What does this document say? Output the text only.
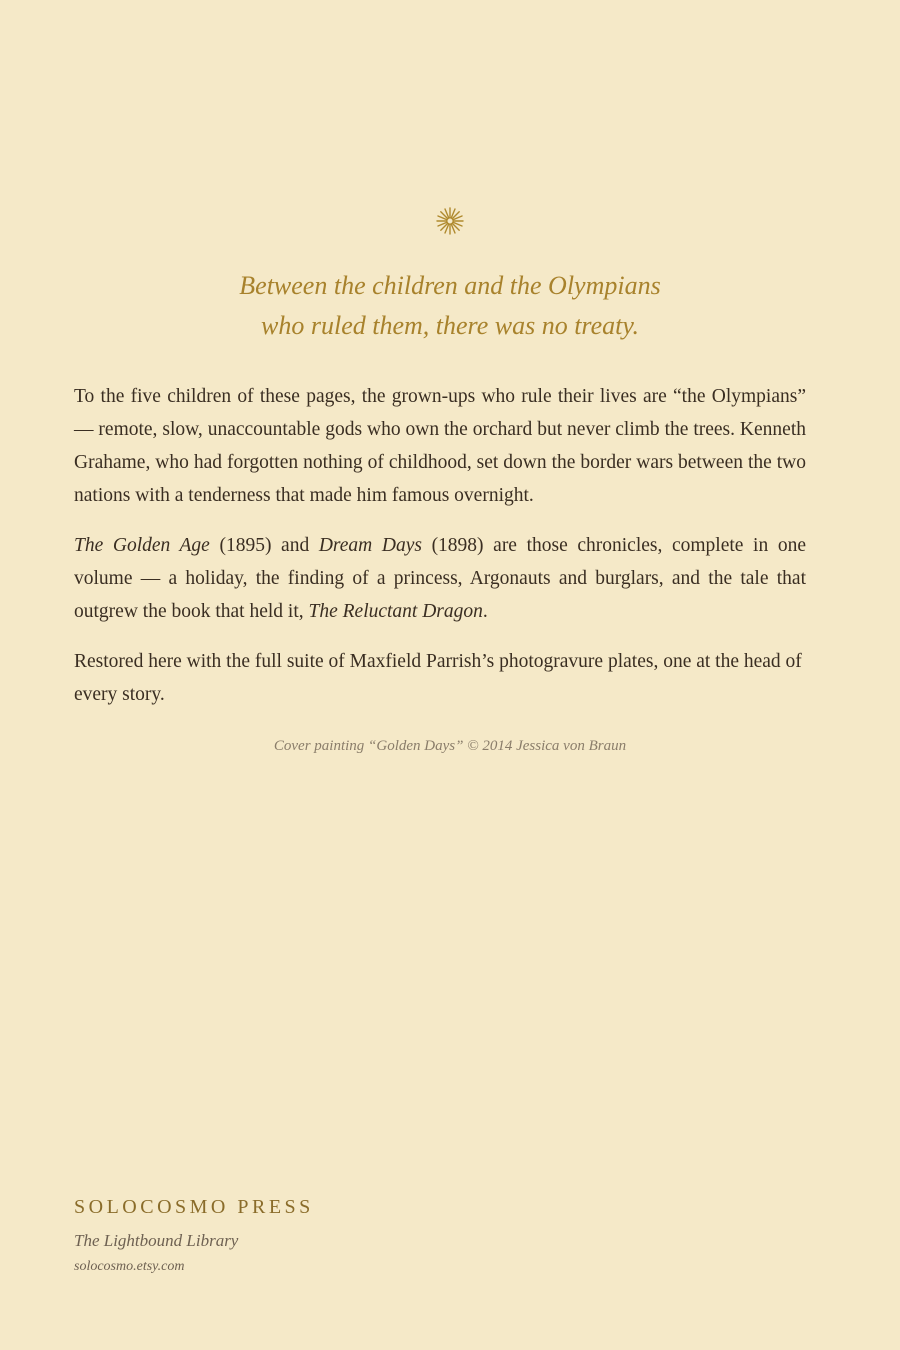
Between the children and the Olympians
who ruled them, there was no treaty.

To the five children of these pages, the grown-ups who rule their lives are “the Olympians” — remote, slow, unaccountable gods who own the orchard but never climb the trees. Kenneth Grahame, who had forgotten nothing of childhood, set down the border wars between the two nations with a tenderness that made him famous overnight.

The Golden Age (1895) and Dream Days (1898) are those chronicles, complete in one volume — a holiday, the finding of a princess, Argonauts and burglars, and the tale that outgrew the book that held it, The Reluctant Dragon.

Restored here with the full suite of Maxfield Parrish’s photogravure plates, one at the head of every story.

Cover painting “Golden Days” © 2014 Jessica von Braun
SOLOCOSMO PRESS
The Lightbound Library
solocosmo.etsy.com
